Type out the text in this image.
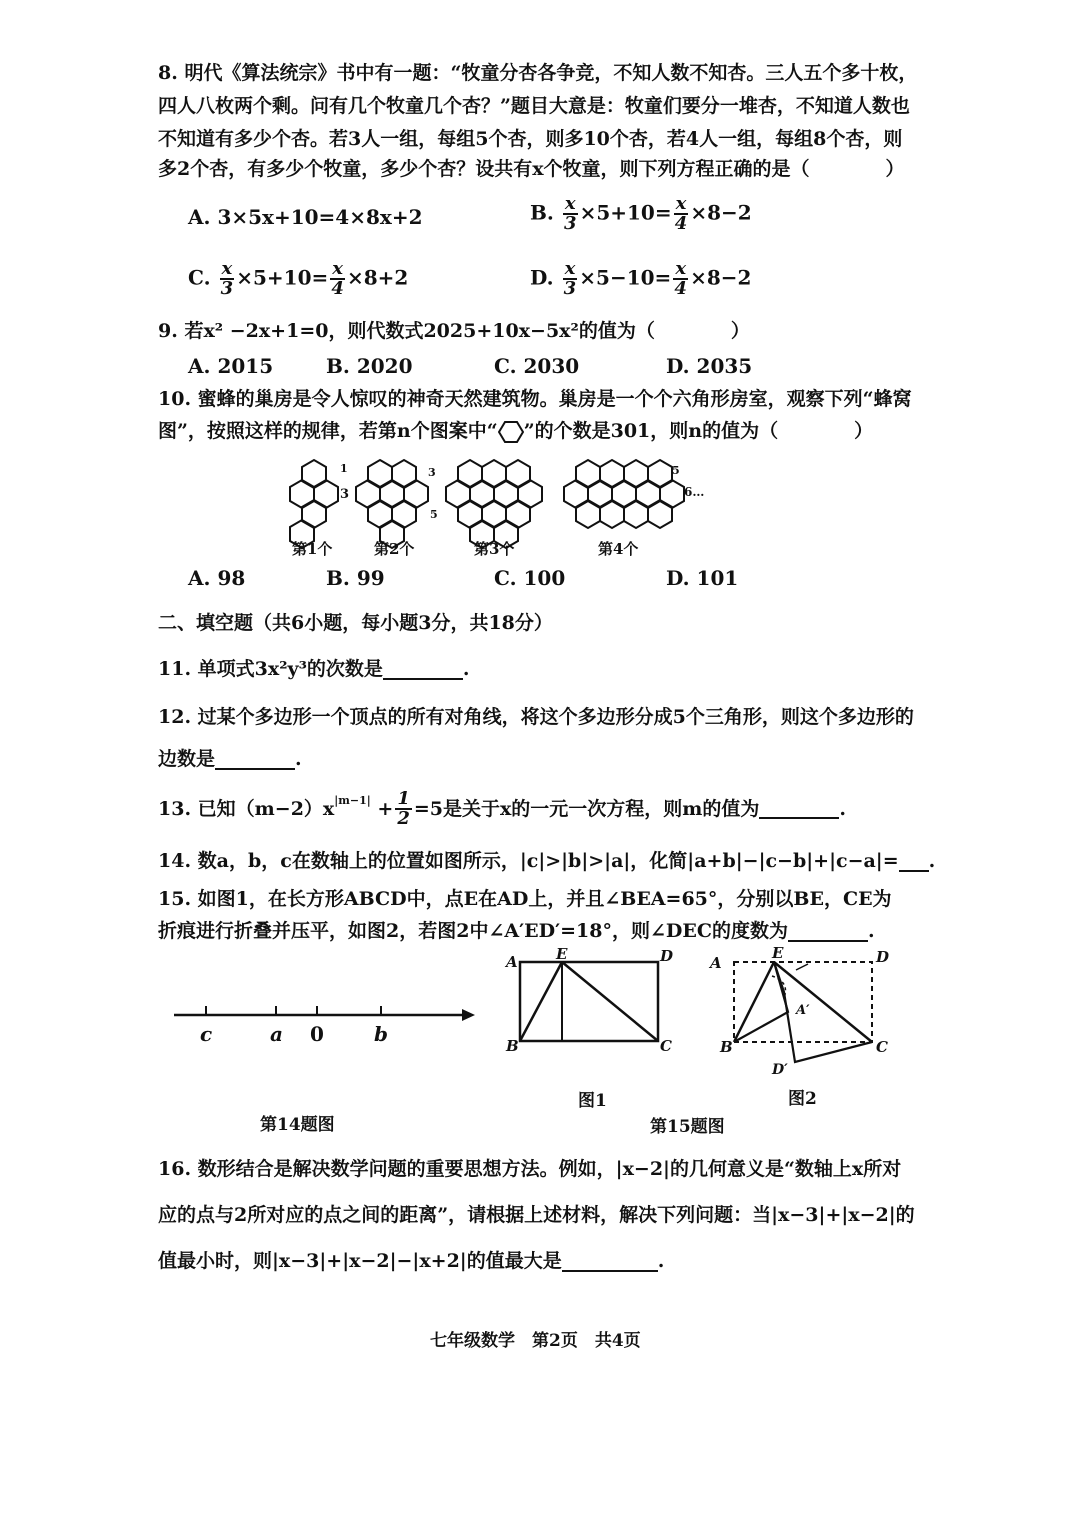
8. 明代《算法统宗》书中有一题：“牧童分杏各争竞，不知人数不知杏。三人五个多十枚，
四人八枚两个剩。问有几个牧童几个杏？”题目大意是：牧童们要分一堆杏，不知道人数也
不知道有多少个杏。若3人一组，每组5个杏，则多10个杏，若4人一组，每组8个杏，则
多2个杏，有多少个牧童，多少个杏？设共有x个牧童，则下列方程正确的是（　　　　）
A. 3×5x+10=4×8x+2	B. $\frac{x}{3} \times 5+10= \frac{x}{4} \times 8-2$
C. $\frac{x}{3} \times 5+10= \frac{x}{4} \times 8+2$	D. $\frac{x}{3} \times 5-10= \frac{x}{4} \times 8-2$
9. 若x² −2x+1=0，则代数式2025+10x−5x²的值为（　　　　）
A. 2015	B. 2020	C. 2030	D. 2035
10. 蜜蜂的巢房是令人惊叹的神奇天然建筑物。巢房是一个个六角形房室，观察下列“蜂窝
图”，按照这样的规律，若第n个图案中“ ”的个数是301，则n的值为（　　　　）
1
3
3
5
5
6…
第1个	第2个	第3个	第4个
A. 98	B. 99	C. 100	D. 101
二、填空题（共6小题，每小题3分，共18分）
11. 单项式3x²y³的次数是	.
12. 过某个多边形一个顶点的所有对角线，将这个多边形分成5个三角形，则这个多边形的
边数是	.
13. 已知$(m-2)x^{|m-1|} + \frac{1}{2} =5$是关于x的一元一次方程，则m的值为	.
14. 数a，b，c在数轴上的位置如图所示，|c|>|b|>|a|，化简|a+b|−|c−b|+|c−a|= .
15. 如图1，在长方形ABCD中，点E在AD上，并且∠BEA=65°，分别以BE，CE为
折痕进行折叠并压平，如图2，若图2中∠A′ED′=18°，则∠DEC的度数为	.
c	a 0	b
A	E	D
B	C
A
E	D
B	C
D′
A′
图1	图2
第14题图	第15题图
16. 数形结合是解决数学问题的重要思想方法。例如，|x−2|的几何意义是“数轴上x所对
应的点与2所对应的点之间的距离”，请根据上述材料，解决下列问题：当|x−3|+|x−2|的
值最小时，则|x−3|+|x−2|−|x+2|的值最大是	.
七年级数学　第2页　共4页
